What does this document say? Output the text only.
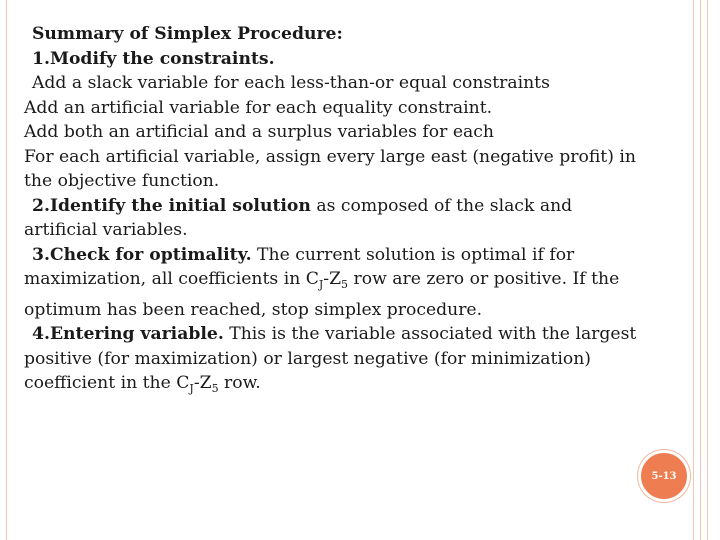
Summary of Simplex Procedure:
1.Modify the constraints.
Add a slack variable for each less-than-or equal constraints
Add an artificial variable for each equality constraint.
Add both an artificial and a surplus variables for each
For each artificial variable, assign every large east (negative profit) in
the objective function.
2.Identify the initial solution as composed of the slack and
artificial variables.
3.Check for optimality. The current solution is optimal if for
maximization, all coefficients in $C_J-Z_5$ row are zero or positive. If the
optimum has been reached, stop simplex procedure.
4.Entering variable. This is the variable associated with the largest
positive (for maximization) or largest negative (for minimization)
coefficient in the $C_J-Z_5$ row.
5-13
